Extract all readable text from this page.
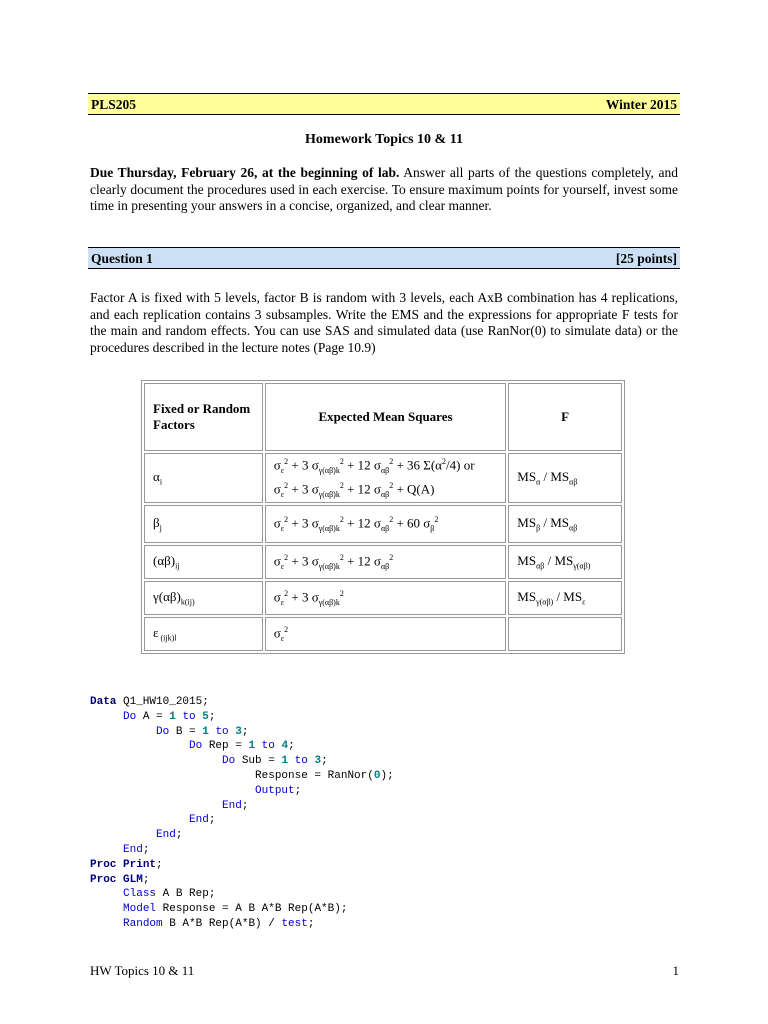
PLS205	Winter 2015
Homework Topics 10 & 11
Due Thursday, February 26, at the beginning of lab. Answer all parts of the questions completely, and clearly document the procedures used in each exercise. To ensure maximum points for yourself, invest some time in presenting your answers in a concise, organized, and clear manner.
Question 1	[25 points]
Factor A is fixed with 5 levels, factor B is random with 3 levels, each AxB combination has 4 replications, and each replication contains 3 subsamples. Write the EMS and the expressions for appropriate F tests for the main and random effects. You can use SAS and simulated data (use RanNor(0) to simulate data) or the procedures described in the lecture notes (Page 10.9)
Fixed or Random Factors	Expected Mean Squares	F
$\alpha_i$	$\sigma_\varepsilon^2 + 3$ $\sigma_{\gamma(\alpha\beta)k}^2 + 12$ $\sigma_{\alpha\beta}^2 + 36$ $\Sigma(\alpha^2/4)$ or
$\sigma_\varepsilon^2 + 3$ $\sigma_{\gamma(\alpha\beta)k}^2 + 12$ $\sigma_{\alpha\beta}^2 + Q(A)$	$MS_\alpha / MS_{\alpha\beta}$
$\beta_j$	$\sigma_\varepsilon^2 + 3$ $\sigma_{\gamma(\alpha\beta)k}^2 + 12$ $\sigma_{\alpha\beta}^2 + 60$ $\sigma_\beta^2$	$MS_\beta / MS_{\alpha\beta}$
$(\alpha\beta)_{ij}$	$\sigma_\varepsilon^2 + 3$ $\sigma_{\gamma(\alpha\beta)k}^2 + 12$ $\sigma_{\alpha\beta}^2$	$MS_{\alpha\beta} / MS_{\gamma(\alpha\beta)}$
$\gamma(\alpha\beta)_{k(ij)}$	$\sigma_\varepsilon^2 + 3$ $\sigma_{\gamma(\alpha\beta)k}^2$	$MS_{\gamma(\alpha\beta)} / MS_\varepsilon$
ε $_{(ijk)l}$	$\sigma_\varepsilon^2$	
Data Q1_HW10_2015;
Do A = 1 to 5;
Do B = 1 to 3;
Do Rep = 1 to 4;
Do Sub = 1 to 3;
Response = RanNor(0);
Output;
End;
End;
End;
End;
Proc Print;
Proc GLM;
Class A B Rep;
Model Response = A B A*B Rep(A*B);
Random B A*B Rep(A*B) / test;
HW Topics 10 & 11	1
